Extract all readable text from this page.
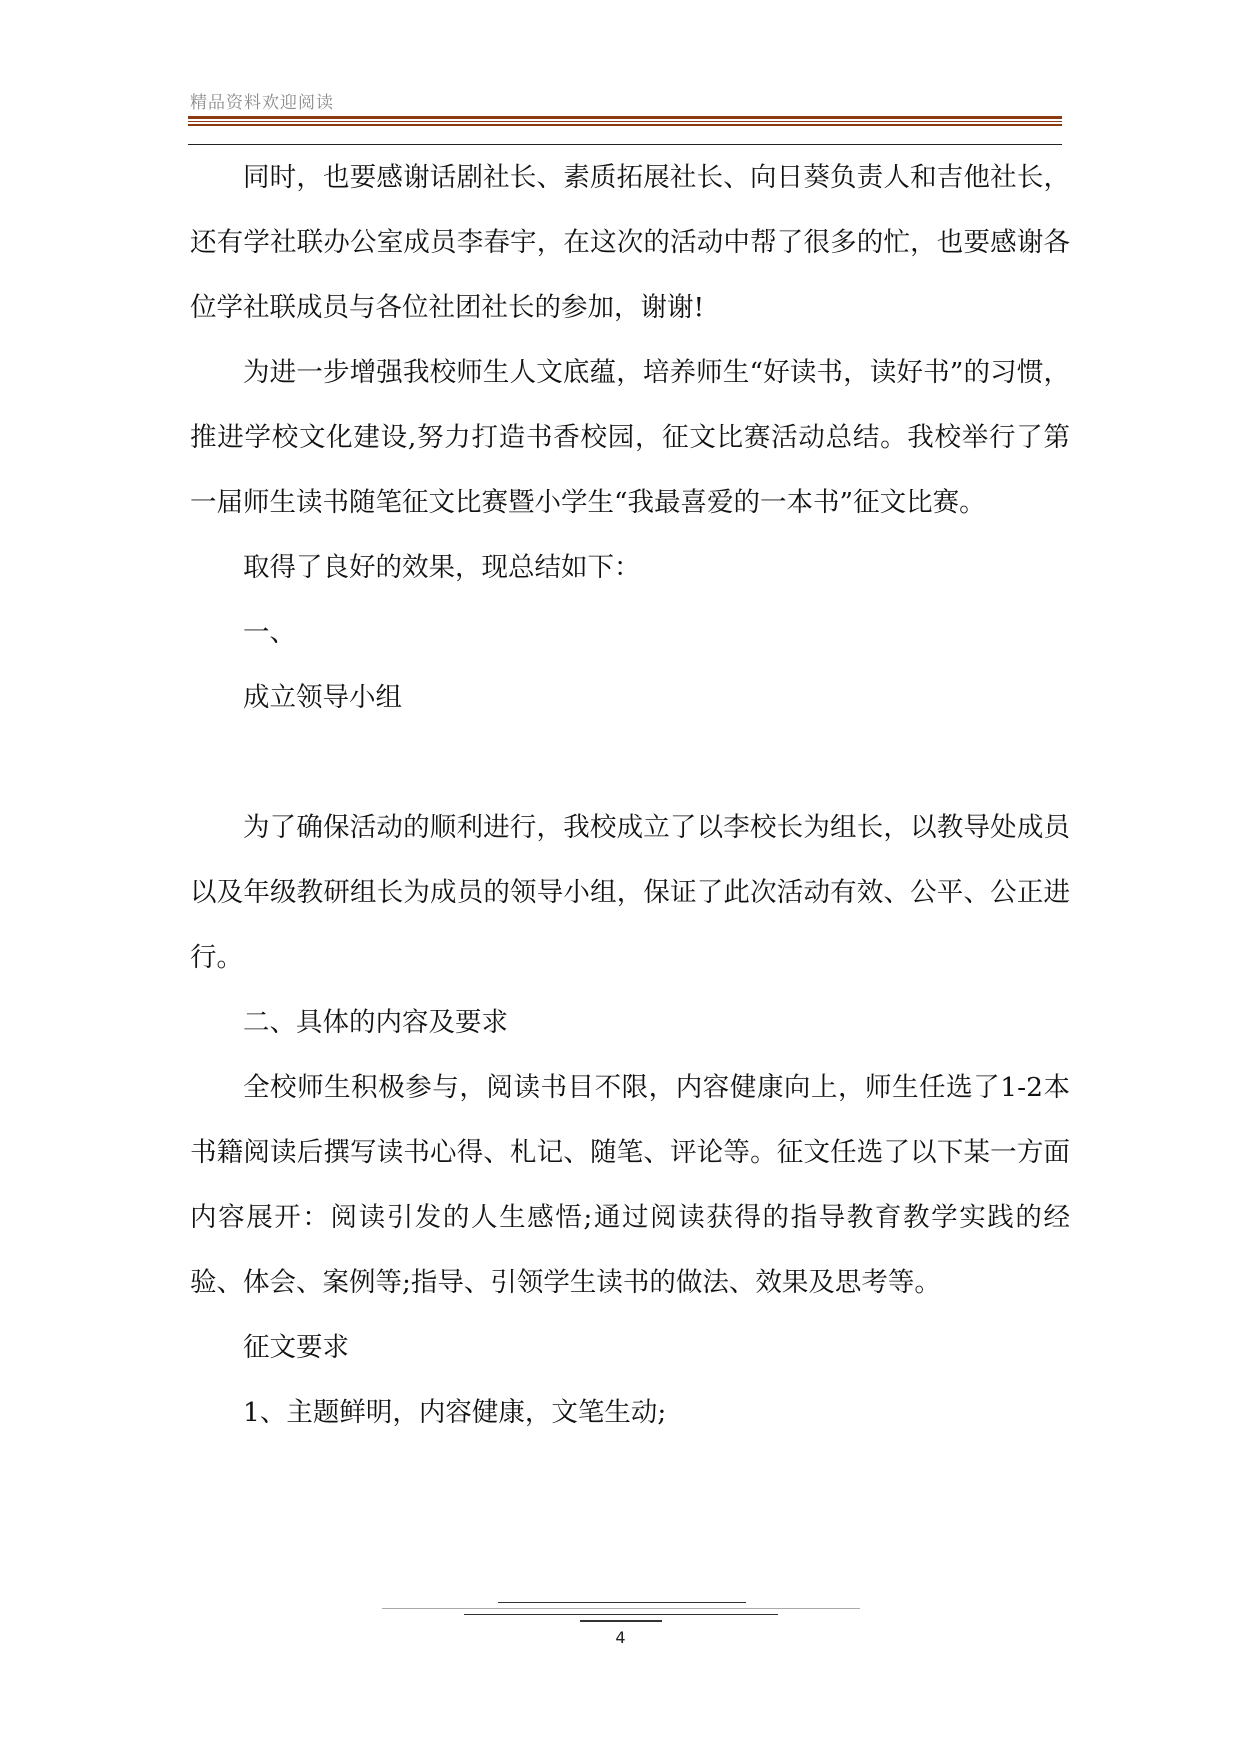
精品资料欢迎阅读

同时，也要感谢话剧社长、素质拓展社长、向日葵负责人和吉他社长，还有学社联办公室成员李春宇，在这次的活动中帮了很多的忙，也要感谢各位学社联成员与各位社团社长的参加，谢谢!

为进一步增强我校师生人文底蕴，培养师生“好读书，读好书”的习惯，推进学校文化建设,努力打造书香校园，征文比赛活动总结。我校举行了第一届师生读书随笔征文比赛暨小学生“我最喜爱的一本书”征文比赛。

取得了良好的效果，现总结如下：

一、

成立领导小组

为了确保活动的顺利进行，我校成立了以李校长为组长，以教导处成员以及年级教研组长为成员的领导小组，保证了此次活动有效、公平、公正进行。

二、具体的内容及要求

全校师生积极参与，阅读书目不限，内容健康向上，师生任选了1-2本书籍阅读后撰写读书心得、札记、随笔、评论等。征文任选了以下某一方面内容展开：阅读引发的人生感悟;通过阅读获得的指导教育教学实践的经验、体会、案例等;指导、引领学生读书的做法、效果及思考等。

征文要求

1、主题鲜明，内容健康，文笔生动;

4
